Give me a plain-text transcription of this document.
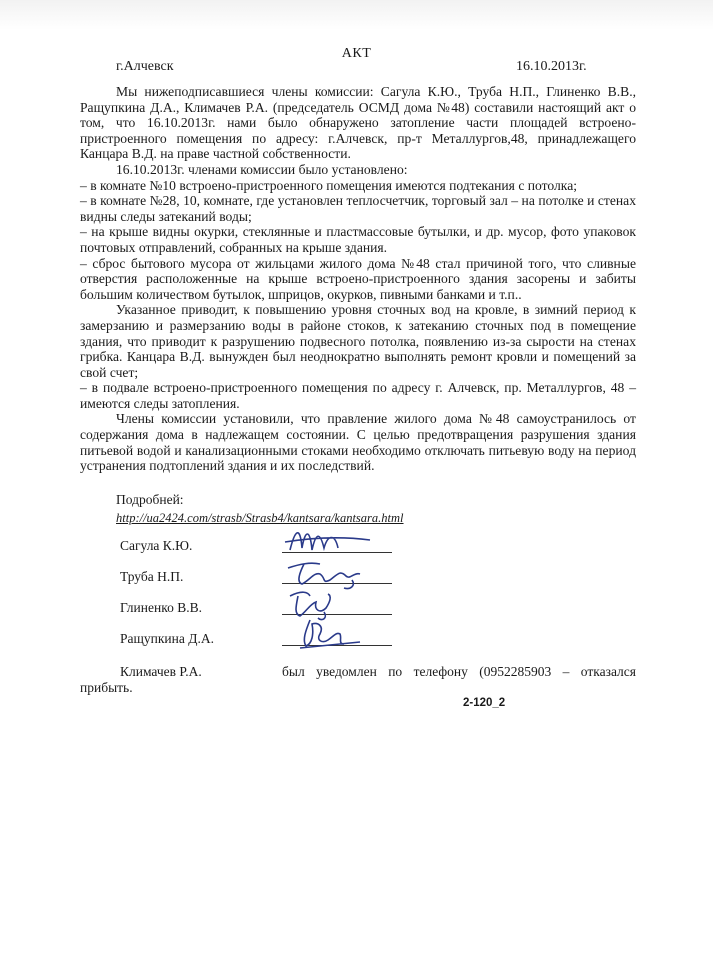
АКТ
г.Алчевск	16.10.2013г.

Мы нижеподписавшиеся члены комиссии: Сагула К.Ю., Труба Н.П., Глиненко В.В., Ращупкина Д.А., Климачев Р.А. (председатель ОСМД дома №48) составили настоящий акт о том, что 16.10.2013г. нами было обнаружено затопление части площадей встроено-пристроенного помещения по адресу: г.Алчевск, пр-т Металлургов,48, принадлежащего Канцара В.Д. на праве частной собственности.

16.10.2013г. членами комиссии было установлено:

– в комнате №10 встроено-пристроенного помещения имеются подтекания с потолка;

– в комнате №28, 10, комнате, где установлен теплосчетчик, торговый зал – на потолке и стенах видны следы затеканий воды;

– на крыше видны окурки, стеклянные и пластмассовые бутылки, и др. мусор, фото упаковок почтовых отправлений, собранных на крыше здания.

– сброс бытового мусора от жильцами жилого дома №48 стал причиной того, что сливные отверстия расположенные на крыше встроено-пристроенного здания засорены и забиты большим количеством бутылок, шприцов, окурков, пивными банками и т.п..

Указанное приводит, к повышению уровня сточных вод на кровле, в зимний период к замерзанию и размерзанию воды в районе стоков, к затеканию сточных под в помещение здания, что приводит к разрушению подвесного потолка, появлению из-за сырости на стенах грибка. Канцара В.Д. вынужден был неоднократно выполнять ремонт кровли и помещений за свой счет;

– в подвале встроено-пристроенного помещения по адресу г. Алчевск, пр. Металлургов, 48 – имеются следы затопления.

Члены комиссии установили, что правление жилого дома №48 самоустранилось от содержания дома в надлежащем состоянии. С целью предотвращения разрушения здания питьевой водой и канализационными стоками необходимо отключать питьевую воду на период устранения подтоплений здания и их последствий.

Подробней:
http://ua2424.com/strasb/Strasb4/kantsara/kantsara.html
Сагула К.Ю.
Труба Н.П.
Глиненко В.В.
Ращупкина Д.А.
Климачев Р.А.	был уведомлен по телефону (0952285903 – отказался
прибыть.
2-120_2
